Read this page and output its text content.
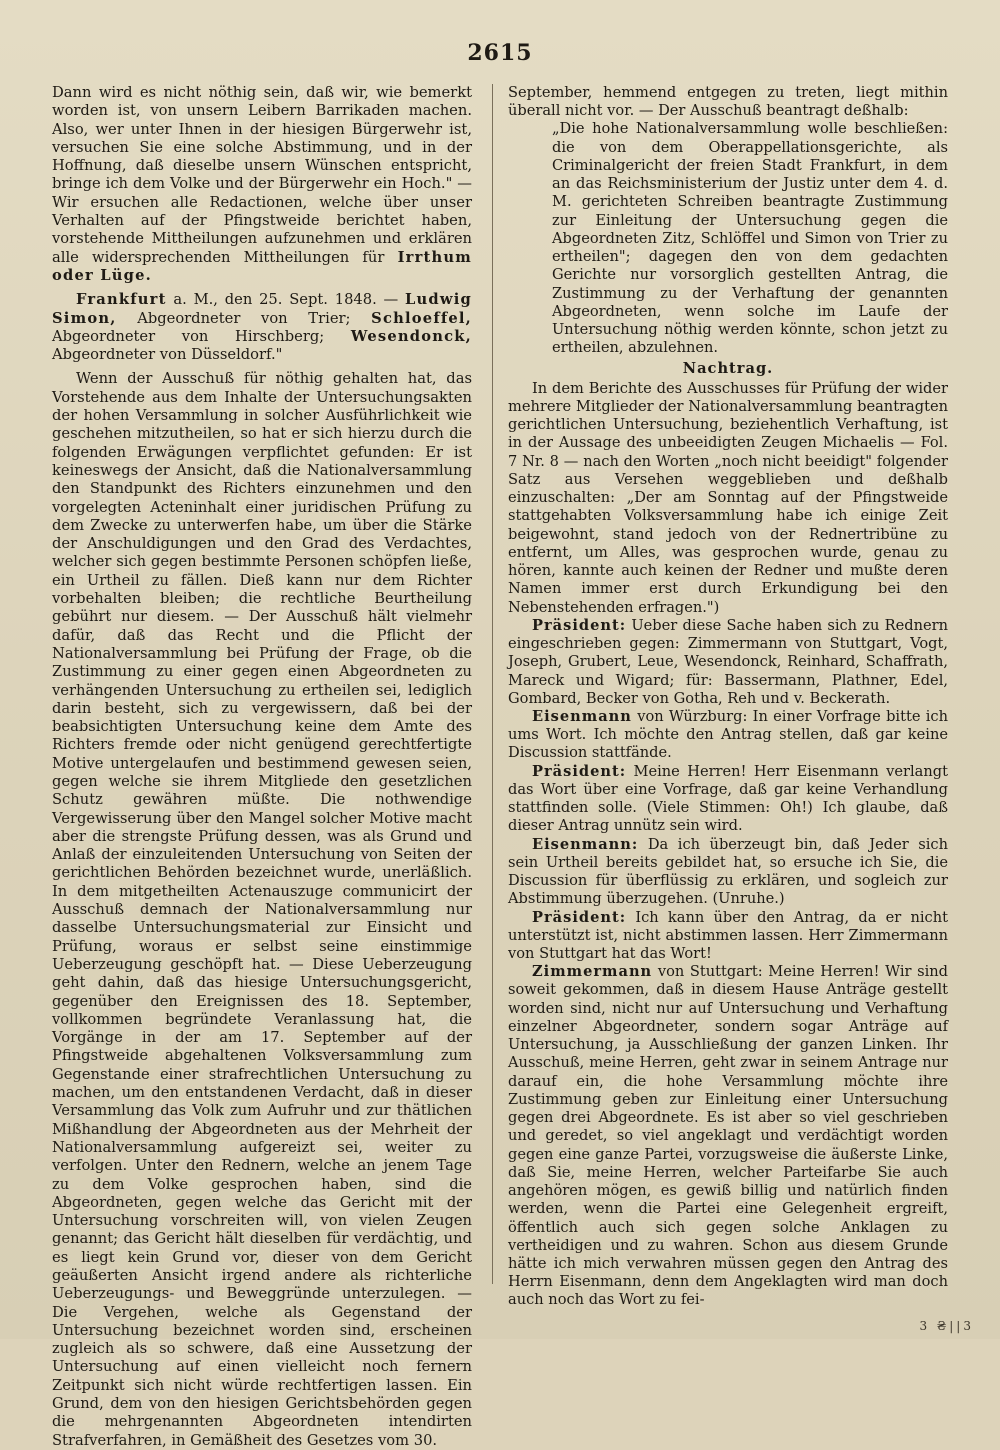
2615

Dann wird es nicht nöthig sein, daß wir, wie bemerkt worden ist, von unsern Leibern Barrikaden machen. Also, wer unter Ihnen in der hiesigen Bürgerwehr ist, versuchen Sie eine solche Abstimmung, und in der Hoffnung, daß dieselbe unsern Wünschen entspricht, bringe ich dem Volke und der Bürgerwehr ein Hoch." — Wir ersuchen alle Redactionen, welche über unser Verhalten auf der Pfingstweide berichtet haben, vorstehende Mittheilungen aufzunehmen und erklären alle widersprechenden Mittheilungen für Irrthum oder Lüge.

Frankfurt a. M., den 25. Sept. 1848. — Ludwig Simon, Abgeordneter von Trier; Schloeffel, Abgeordneter von Hirschberg; Wesendonck, Abgeordneter von Düsseldorf."

Wenn der Ausschuß für nöthig gehalten hat, das Vorstehende aus dem Inhalte der Untersuchungsakten der hohen Versammlung in solcher Ausführlichkeit wie geschehen mitzutheilen, so hat er sich hierzu durch die folgenden Erwägungen verpflichtet gefunden: Er ist keineswegs der Ansicht, daß die Nationalversammlung den Standpunkt des Richters einzunehmen und den vorgelegten Acteninhalt einer juridischen Prüfung zu dem Zwecke zu unterwerfen habe, um über die Stärke der Anschuldigungen und den Grad des Verdachtes, welcher sich gegen bestimmte Personen schöpfen ließe, ein Urtheil zu fällen. Dieß kann nur dem Richter vorbehalten bleiben; die rechtliche Beurtheilung gebührt nur diesem. — Der Ausschuß hält vielmehr dafür, daß das Recht und die Pflicht der Nationalversammlung bei Prüfung der Frage, ob die Zustimmung zu einer gegen einen Abgeordneten zu verhängenden Untersuchung zu ertheilen sei, lediglich darin besteht, sich zu vergewissern, daß bei der beabsichtigten Untersuchung keine dem Amte des Richters fremde oder nicht genügend gerechtfertigte Motive untergelaufen und bestimmend gewesen seien, gegen welche sie ihrem Mitgliede den gesetzlichen Schutz gewähren müßte. Die nothwendige Vergewisserung über den Mangel solcher Motive macht aber die strengste Prüfung dessen, was als Grund und Anlaß der einzuleitenden Untersuchung von Seiten der gerichtlichen Behörden bezeichnet wurde, unerläßlich. In dem mitgetheilten Actenauszuge communicirt der Ausschuß demnach der Nationalversammlung nur dasselbe Untersuchungsmaterial zur Einsicht und Prüfung, woraus er selbst seine einstimmige Ueberzeugung geschöpft hat. — Diese Ueberzeugung geht dahin, daß das hiesige Untersuchungsgericht, gegenüber den Ereignissen des 18. September, vollkommen begründete Veranlassung hat, die Vorgänge in der am 17. September auf der Pfingstweide abgehaltenen Volksversammlung zum Gegenstande einer strafrechtlichen Untersuchung zu machen, um den entstandenen Verdacht, daß in dieser Versammlung das Volk zum Aufruhr und zur thätlichen Mißhandlung der Abgeordneten aus der Mehrheit der Nationalversammlung aufgereizt sei, weiter zu verfolgen. Unter den Rednern, welche an jenem Tage zu dem Volke gesprochen haben, sind die Abgeordneten, gegen welche das Gericht mit der Untersuchung vorschreiten will, von vielen Zeugen genannt; das Gericht hält dieselben für verdächtig, und es liegt kein Grund vor, dieser von dem Gericht geäußerten Ansicht irgend andere als richterliche Ueberzeugungs- und Beweggründe unterzulegen. — Die Vergehen, welche als Gegenstand der Untersuchung bezeichnet worden sind, erscheinen zugleich als so schwere, daß eine Aussetzung der Untersuchung auf einen vielleicht noch fernern Zeitpunkt sich nicht würde rechtfertigen lassen. Ein Grund, dem von den hiesigen Gerichtsbehörden gegen die mehrgenannten Abgeordneten intendirten Strafverfahren, in Gemäßheit des Gesetzes vom 30.

September, hemmend entgegen zu treten, liegt mithin überall nicht vor. — Der Ausschuß beantragt deßhalb:

„Die hohe Nationalversammlung wolle beschließen: die von dem Oberappellationsgerichte, als Criminalgericht der freien Stadt Frankfurt, in dem an das Reichsministerium der Justiz unter dem 4. d. M. gerichteten Schreiben beantragte Zustimmung zur Einleitung der Untersuchung gegen die Abgeordneten Zitz, Schlöffel und Simon von Trier zu ertheilen"; dagegen den von dem gedachten Gerichte nur vorsorglich gestellten Antrag, die Zustimmung zu der Verhaftung der genannten Abgeordneten, wenn solche im Laufe der Untersuchung nöthig werden könnte, schon jetzt zu ertheilen, abzulehnen.

Nachtrag.

In dem Berichte des Ausschusses für Prüfung der wider mehrere Mitglieder der Nationalversammlung beantragten gerichtlichen Untersuchung, beziehentlich Verhaftung, ist in der Aussage des unbeeidigten Zeugen Michaelis — Fol. 7 Nr. 8 — nach den Worten „noch nicht beeidigt" folgender Satz aus Versehen weggeblieben und deßhalb einzuschalten: „Der am Sonntag auf der Pfingstweide stattgehabten Volksversammlung habe ich einige Zeit beigewohnt, stand jedoch von der Rednertribüne zu entfernt, um Alles, was gesprochen wurde, genau zu hören, kannte auch keinen der Redner und mußte deren Namen immer erst durch Erkundigung bei den Nebenstehenden erfragen.")

Präsident: Ueber diese Sache haben sich zu Rednern eingeschrieben gegen: Zimmermann von Stuttgart, Vogt, Joseph, Grubert, Leue, Wesendonck, Reinhard, Schaffrath, Mareck und Wigard; für: Bassermann, Plathner, Edel, Gombard, Becker von Gotha, Reh und v. Beckerath.

Eisenmann von Würzburg: In einer Vorfrage bitte ich ums Wort. Ich möchte den Antrag stellen, daß gar keine Discussion stattfände.

Präsident: Meine Herren! Herr Eisenmann verlangt das Wort über eine Vorfrage, daß gar keine Verhandlung stattfinden solle. (Viele Stimmen: Oh!) Ich glaube, daß dieser Antrag unnütz sein wird.

Eisenmann: Da ich überzeugt bin, daß Jeder sich sein Urtheil bereits gebildet hat, so ersuche ich Sie, die Discussion für überflüssig zu erklären, und sogleich zur Abstimmung überzugehen. (Unruhe.)

Präsident: Ich kann über den Antrag, da er nicht unterstützt ist, nicht abstimmen lassen. Herr Zimmermann von Stuttgart hat das Wort!

Zimmermann von Stuttgart: Meine Herren! Wir sind soweit gekommen, daß in diesem Hause Anträge gestellt worden sind, nicht nur auf Untersuchung und Verhaftung einzelner Abgeordneter, sondern sogar Anträge auf Untersuchung, ja Ausschließung der ganzen Linken. Ihr Ausschuß, meine Herren, geht zwar in seinem Antrage nur darauf ein, die hohe Versammlung möchte ihre Zustimmung geben zur Einleitung einer Untersuchung gegen drei Abgeordnete. Es ist aber so viel geschrieben und geredet, so viel angeklagt und verdächtigt worden gegen eine ganze Partei, vorzugsweise die äußerste Linke, daß Sie, meine Herren, welcher Parteifarbe Sie auch angehören mögen, es gewiß billig und natürlich finden werden, wenn die Partei eine Gelegenheit ergreift, öffentlich auch sich gegen solche Anklagen zu vertheidigen und zu wahren. Schon aus diesem Grunde hätte ich mich verwahren müssen gegen den Antrag des Herrn Eisenmann, denn dem Angeklagten wird man doch auch noch das Wort zu fei-

3 ₴||3
